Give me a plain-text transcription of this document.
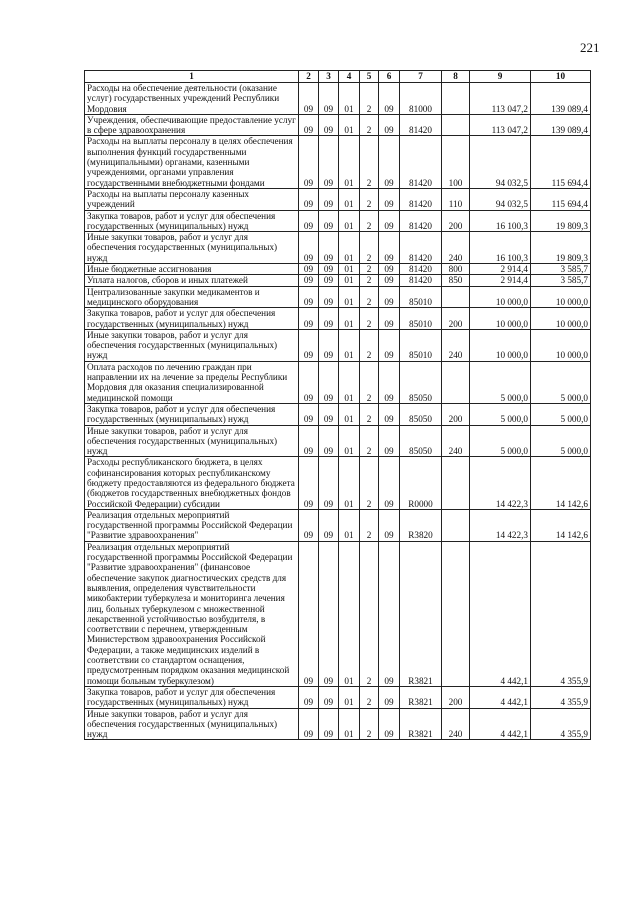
221
1	2	3	4	5	6	7	8	9	10
Расходы на обеспечение деятельности (оказание услуг) государственных учреждений Республики Мордовия	09	09	01	2	09	81000		113 047,2	139 089,4
Учреждения, обеспечивающие предоставление услуг в сфере здравоохранения	09	09	01	2	09	81420		113 047,2	139 089,4
Расходы на выплаты персоналу в целях обеспечения выполнения функций государственными (муниципальными) органами, казенными учреждениями, органами управления государственными внебюджетными фондами	09	09	01	2	09	81420	100	94 032,5	115 694,4
Расходы на выплаты персоналу казенных учреждений	09	09	01	2	09	81420	110	94 032,5	115 694,4
Закупка товаров, работ и услуг для обеспечения государственных (муниципальных) нужд	09	09	01	2	09	81420	200	16 100,3	19 809,3
Иные закупки товаров, работ и услуг для обеспечения государственных (муниципальных) нужд	09	09	01	2	09	81420	240	16 100,3	19 809,3
Иные бюджетные ассигнования	09	09	01	2	09	81420	800	2 914,4	3 585,7
Уплата налогов, сборов и иных платежей	09	09	01	2	09	81420	850	2 914,4	3 585,7
Централизованные закупки медикаментов и медицинского оборудования	09	09	01	2	09	85010		10 000,0	10 000,0
Закупка товаров, работ и услуг для обеспечения государственных (муниципальных) нужд	09	09	01	2	09	85010	200	10 000,0	10 000,0
Иные закупки товаров, работ и услуг для обеспечения государственных (муниципальных) нужд	09	09	01	2	09	85010	240	10 000,0	10 000,0
Оплата расходов по лечению граждан при направлении их на лечение за пределы Республики Мордовия для оказания специализированной медицинской помощи	09	09	01	2	09	85050		5 000,0	5 000,0
Закупка товаров, работ и услуг для обеспечения государственных (муниципальных) нужд	09	09	01	2	09	85050	200	5 000,0	5 000,0
Иные закупки товаров, работ и услуг для обеспечения государственных (муниципальных) нужд	09	09	01	2	09	85050	240	5 000,0	5 000,0
Расходы республиканского бюджета, в целях софинансирования которых республиканскому бюджету предоставляются из федерального бюджета (бюджетов государственных внебюджетных фондов Российской Федерации) субсидии	09	09	01	2	09	R0000		14 422,3	14 142,6
Реализация отдельных мероприятий государственной программы Российской Федерации "Развитие здравоохранения"	09	09	01	2	09	R3820		14 422,3	14 142,6
Реализация отдельных мероприятий государственной программы Российской Федерации "Развитие здравоохранения" (финансовое обеспечение закупок диагностических средств для выявления, определения чувствительности микобактерии туберкулеза и мониторинга лечения лиц, больных туберкулезом с множественной лекарственной устойчивостью возбудителя, в соответствии с перечнем, утвержденным Министерством здравоохранения Российской Федерации, а также медицинских изделий в соответствии со стандартом оснащения, предусмотренным порядком оказания медицинской помощи больным туберкулезом)	09	09	01	2	09	R3821		4 442,1	4 355,9
Закупка товаров, работ и услуг для обеспечения государственных (муниципальных) нужд	09	09	01	2	09	R3821	200	4 442,1	4 355,9
Иные закупки товаров, работ и услуг для обеспечения государственных (муниципальных) нужд	09	09	01	2	09	R3821	240	4 442,1	4 355,9
